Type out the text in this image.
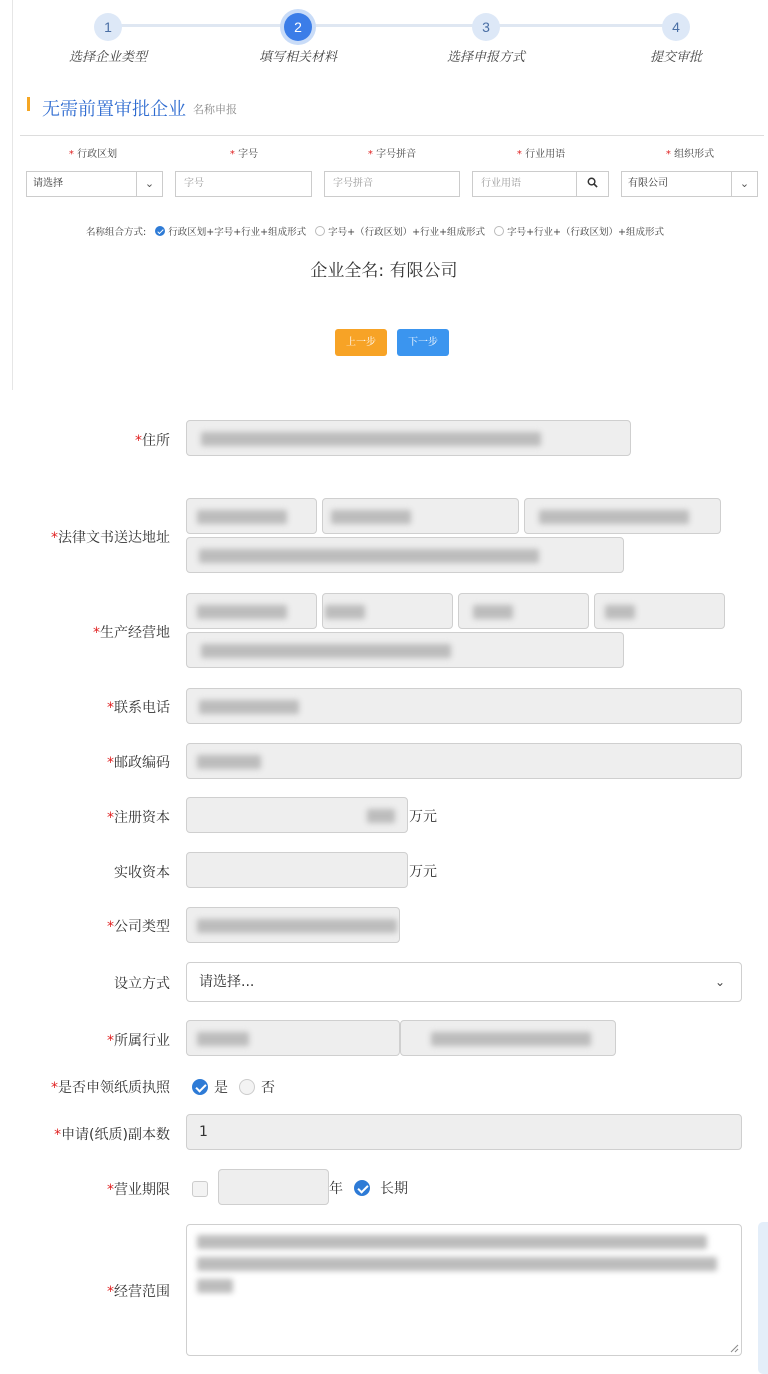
1	2	3	4
选择企业类型	填写相关材料	选择申报方式	提交审批
无需前置审批企业 名称申报
* 行政区划	* 字号	* 字号拼音	* 行业用语	* 组织形式
请选择	⌄	字号	字号拼音	行业用语	有限公司	⌄
名称组合方式: 行政区划+字号+行业+组成形式 字号+（行政区划）+行业+组成形式 字号+行业+（行政区划）+组成形式
企业全名: 有限公司
上一步	下一步
*住所
*法律文书送达地址
*生产经营地
*联系电话
*邮政编码
*注册资本	万元
实收资本	万元
*公司类型
设立方式	请选择...	⌄
*所属行业
*是否申领纸质执照	是 否
*申请(纸质)副本数	1
*营业期限	年	长期
*经营范围
